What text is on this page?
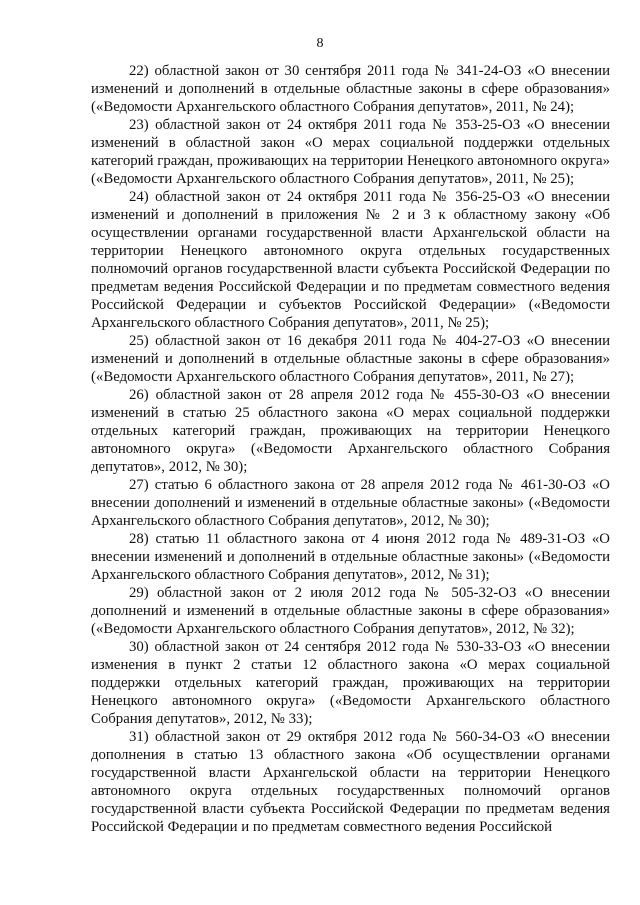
8

22) областной закон от 30 сентября 2011 года № 341-24-ОЗ «О внесении изменений и дополнений в отдельные областные законы в сфере образования» («Ведомости Архангельского областного Собрания депутатов», 2011, № 24);

23) областной закон от 24 октября 2011 года № 353-25-ОЗ «О внесении изменений в областной закон «О мерах социальной поддержки отдельных категорий граждан, проживающих на территории Ненецкого автономного округа» («Ведомости Архангельского областного Собрания депутатов», 2011, № 25);

24) областной закон от 24 октября 2011 года № 356-25-ОЗ «О внесении изменений и дополнений в приложения № 2 и 3 к областному закону «Об осуществлении органами государственной власти Архангельской области на территории Ненецкого автономного округа отдельных государственных полномочий органов государственной власти субъекта Российской Федерации по предметам ведения Российской Федерации и по предметам совместного ведения Российской Федерации и субъектов Российской Федерации» («Ведомости Архангельского областного Собрания депутатов», 2011, № 25);

25) областной закон от 16 декабря 2011 года № 404-27-ОЗ «О внесении изменений и дополнений в отдельные областные законы в сфере образования» («Ведомости Архангельского областного Собрания депутатов», 2011, № 27);

26) областной закон от 28 апреля 2012 года № 455-30-ОЗ «О внесении изменений в статью 25 областного закона «О мерах социальной поддержки отдельных категорий граждан, проживающих на территории Ненецкого автономного округа» («Ведомости Архангельского областного Собрания депутатов», 2012, № 30);

27) статью 6 областного закона от 28 апреля 2012 года № 461-30-ОЗ «О внесении дополнений и изменений в отдельные областные законы» («Ведомости Архангельского областного Собрания депутатов», 2012, № 30);

28) статью 11 областного закона от 4 июня 2012 года № 489-31-ОЗ «О внесении изменений и дополнений в отдельные областные законы» («Ведомости Архангельского областного Собрания депутатов», 2012, № 31);

29) областной закон от 2 июля 2012 года № 505-32-ОЗ «О внесении дополнений и изменений в отдельные областные законы в сфере образования» («Ведомости Архангельского областного Собрания депутатов», 2012, № 32);

30) областной закон от 24 сентября 2012 года № 530-33-ОЗ «О внесении изменения в пункт 2 статьи 12 областного закона «О мерах социальной поддержки отдельных категорий граждан, проживающих на территории Ненецкого автономного округа» («Ведомости Архангельского областного Собрания депутатов», 2012, № 33);

31) областной закон от 29 октября 2012 года № 560-34-ОЗ «О внесении дополнения в статью 13 областного закона «Об осуществлении органами государственной власти Архангельской области на территории Ненецкого автономного округа отдельных государственных полномочий органов государственной власти субъекта Российской Федерации по предметам ведения Российской Федерации и по предметам совместного ведения Российской
